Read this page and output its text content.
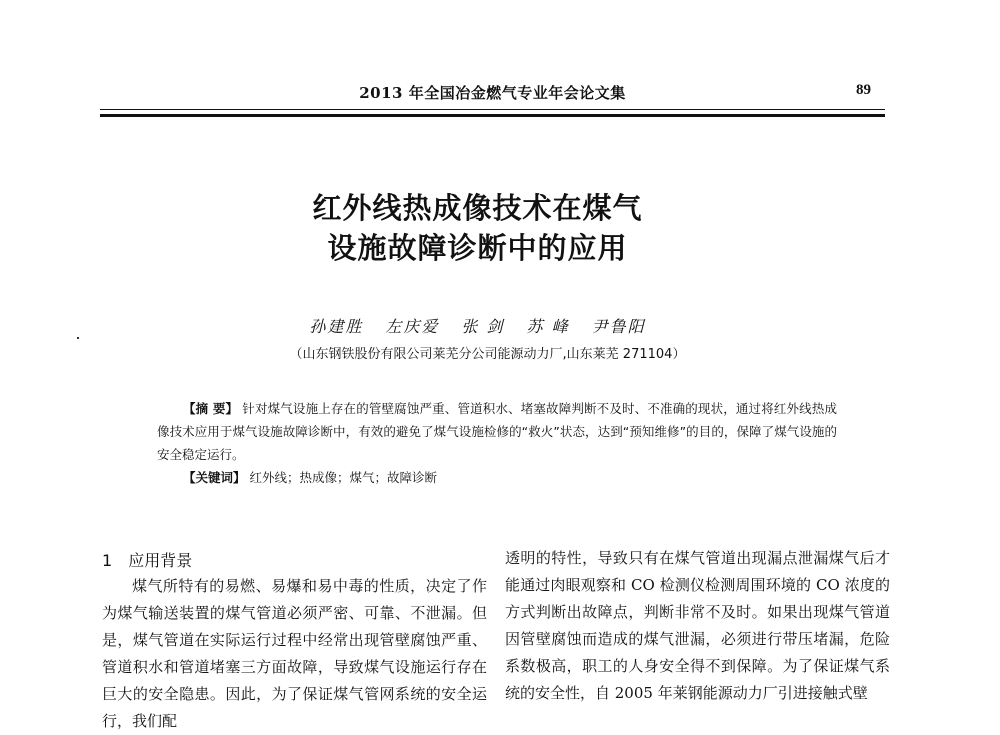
2013 年全国冶金燃气专业年会论文集	89
红外线热成像技术在煤气
设施故障诊断中的应用
孙建胜 左庆爱 张 剑 苏 峰 尹鲁阳
（山东钢铁股份有限公司莱芜分公司能源动力厂,山东莱芜 271104）

【摘 要】 针对煤气设施上存在的管壁腐蚀严重、管道积水、堵塞故障判断不及时、不准确的现状，通过将红外线热成像技术应用于煤气设施故障诊断中，有效的避免了煤气设施检修的“救火”状态，达到“预知维修”的目的，保障了煤气设施的安全稳定运行。

【关键词】 红外线；热成像；煤气；故障诊断
1 应用背景

煤气所特有的易燃、易爆和易中毒的性质，决定了作为煤气输送装置的煤气管道必须严密、可靠、不泄漏。但是，煤气管道在实际运行过程中经常出现管壁腐蚀严重、管道积水和管道堵塞三方面故障，导致煤气设施运行存在巨大的安全隐患。因此，为了保证煤气管网系统的安全运行，我们配

透明的特性，导致只有在煤气管道出现漏点泄漏煤气后才能通过肉眼观察和 CO 检测仪检测周围环境的 CO 浓度的方式判断出故障点，判断非常不及时。如果出现煤气管道因管壁腐蚀而造成的煤气泄漏，必须进行带压堵漏，危险系数极高，职工的人身安全得不到保障。为了保证煤气系统的安全性，自 2005 年莱钢能源动力厂引进接触式壁
